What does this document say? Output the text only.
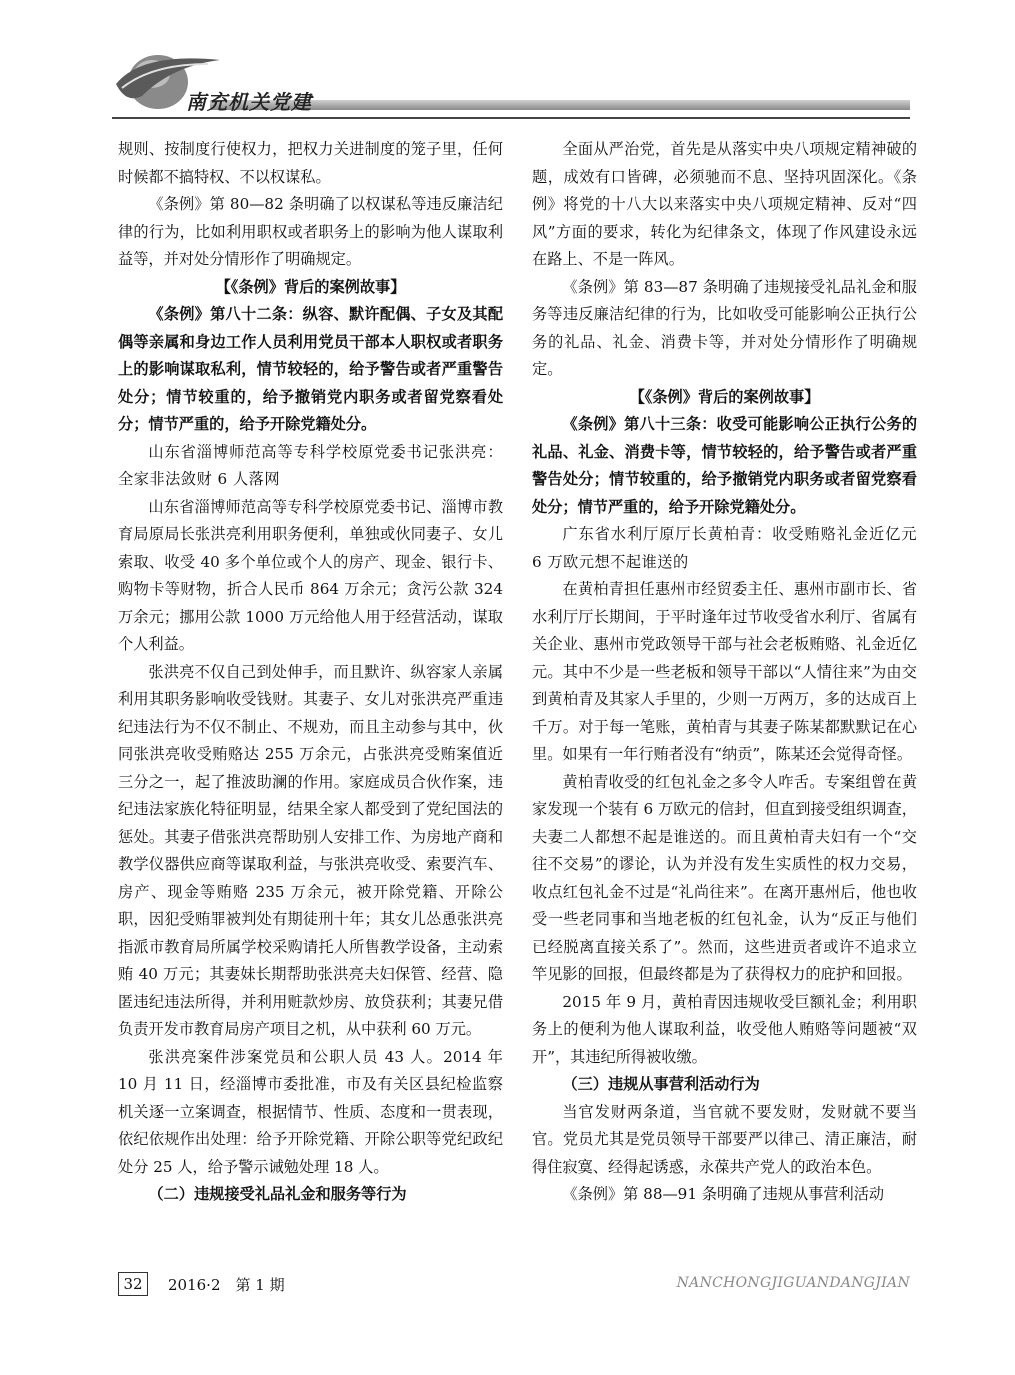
南充机关党建

规则、按制度行使权力，把权力关进制度的笼子里，任何时候都不搞特权、不以权谋私。

《条例》第 80—82 条明确了以权谋私等违反廉洁纪律的行为，比如利用职权或者职务上的影响为他人谋取利益等，并对处分情形作了明确规定。

【《条例》背后的案例故事】

《条例》第八十二条：纵容、默许配偶、子女及其配偶等亲属和身边工作人员利用党员干部本人职权或者职务上的影响谋取私利，情节较轻的，给予警告或者严重警告处分；情节较重的，给予撤销党内职务或者留党察看处分；情节严重的，给予开除党籍处分。

山东省淄博师范高等专科学校原党委书记张洪亮：全家非法敛财 6 人落网

山东省淄博师范高等专科学校原党委书记、淄博市教育局原局长张洪亮利用职务便利，单独或伙同妻子、女儿索取、收受 40 多个单位或个人的房产、现金、银行卡、购物卡等财物，折合人民币 864 万余元；贪污公款 324 万余元；挪用公款 1000 万元给他人用于经营活动，谋取个人利益。

张洪亮不仅自己到处伸手，而且默许、纵容家人亲属利用其职务影响收受钱财。其妻子、女儿对张洪亮严重违纪违法行为不仅不制止、不规劝，而且主动参与其中，伙同张洪亮收受贿赂达 255 万余元，占张洪亮受贿案值近三分之一，起了推波助澜的作用。家庭成员合伙作案，违纪违法家族化特征明显，结果全家人都受到了党纪国法的惩处。其妻子借张洪亮帮助别人安排工作、为房地产商和教学仪器供应商等谋取利益，与张洪亮收受、索要汽车、房产、现金等贿赂 235 万余元，被开除党籍、开除公职，因犯受贿罪被判处有期徒刑十年；其女儿怂恿张洪亮指派市教育局所属学校采购请托人所售教学设备，主动索贿 40 万元；其妻妹长期帮助张洪亮夫妇保管、经营、隐匿违纪违法所得，并利用赃款炒房、放贷获利；其妻兄借负责开发市教育局房产项目之机，从中获利 60 万元。

张洪亮案件涉案党员和公职人员 43 人。2014 年 10 月 11 日，经淄博市委批准，市及有关区县纪检监察机关逐一立案调查，根据情节、性质、态度和一贯表现，依纪依规作出处理：给予开除党籍、开除公职等党纪政纪处分 25 人，给予警示诫勉处理 18 人。

（二）违规接受礼品礼金和服务等行为

全面从严治党，首先是从落实中央八项规定精神破的题，成效有口皆碑，必须驰而不息、坚持巩固深化。《条例》将党的十八大以来落实中央八项规定精神、反对“四风”方面的要求，转化为纪律条文，体现了作风建设永远在路上、不是一阵风。

《条例》第 83—87 条明确了违规接受礼品礼金和服务等违反廉洁纪律的行为，比如收受可能影响公正执行公务的礼品、礼金、消费卡等，并对处分情形作了明确规定。

【《条例》背后的案例故事】

《条例》第八十三条：收受可能影响公正执行公务的礼品、礼金、消费卡等，情节较轻的，给予警告或者严重警告处分；情节较重的，给予撤销党内职务或者留党察看处分；情节严重的，给予开除党籍处分。

广东省水利厅原厅长黄柏青：收受贿赂礼金近亿元 6 万欧元想不起谁送的

在黄柏青担任惠州市经贸委主任、惠州市副市长、省水利厅厅长期间，于平时逢年过节收受省水利厅、省属有关企业、惠州市党政领导干部与社会老板贿赂、礼金近亿元。其中不少是一些老板和领导干部以“人情往来”为由交到黄柏青及其家人手里的，少则一万两万，多的达成百上千万。对于每一笔账，黄柏青与其妻子陈某都默默记在心里。如果有一年行贿者没有“纳贡”，陈某还会觉得奇怪。

黄柏青收受的红包礼金之多令人咋舌。专案组曾在黄家发现一个装有 6 万欧元的信封，但直到接受组织调查，夫妻二人都想不起是谁送的。而且黄柏青夫妇有一个“交往不交易”的谬论，认为并没有发生实质性的权力交易，收点红包礼金不过是“礼尚往来”。在离开惠州后，他也收受一些老同事和当地老板的红包礼金，认为“反正与他们已经脱离直接关系了”。然而，这些进贡者或许不追求立竿见影的回报，但最终都是为了获得权力的庇护和回报。

2015 年 9 月，黄柏青因违规收受巨额礼金；利用职务上的便利为他人谋取利益，收受他人贿赂等问题被“双开”，其违纪所得被收缴。

（三）违规从事营利活动行为

当官发财两条道，当官就不要发财，发财就不要当官。党员尤其是党员领导干部要严以律己、清正廉洁，耐得住寂寞、经得起诱惑，永葆共产党人的政治本色。

《条例》第 88—91 条明确了违规从事营利活动

32	2016·2　第 1 期	NANCHONGJIGUANDANGJIAN
